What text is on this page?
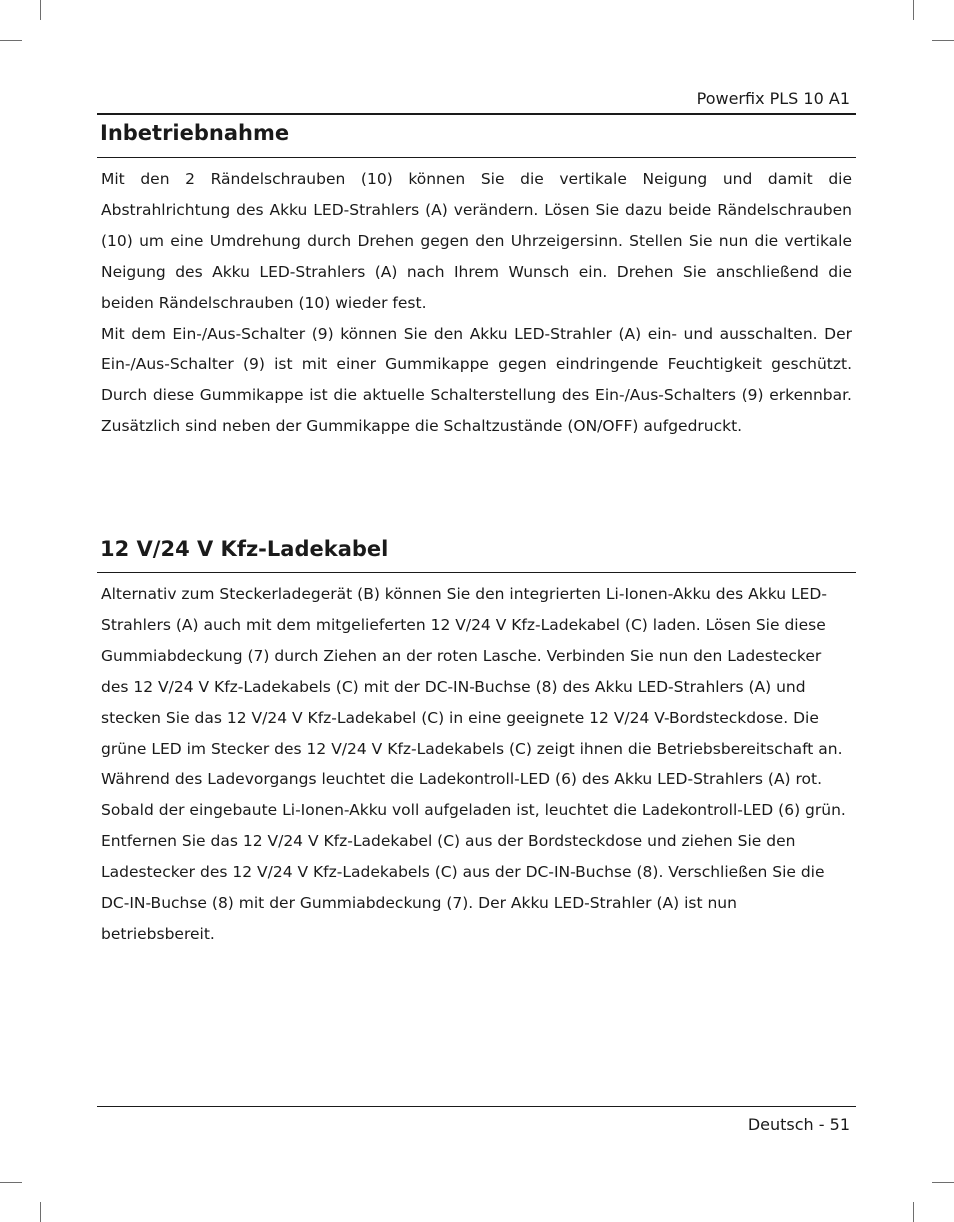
Powerfix PLS 10 A1
Inbetriebnahme

Mit den 2 Rändelschrauben (10) können Sie die vertikale Neigung und damit die Abstrahlrichtung des Akku LED-Strahlers (A) verändern. Lösen Sie dazu beide Rändelschrauben (10) um eine Umdrehung durch Drehen gegen den Uhrzeigersinn. Stellen Sie nun die vertikale Neigung des Akku LED-Strahlers (A) nach Ihrem Wunsch ein. Drehen Sie anschließend die beiden Rändelschrauben (10) wieder fest.

Mit dem Ein-/Aus-Schalter (9) können Sie den Akku LED-Strahler (A) ein- und ausschalten. Der Ein-/Aus-Schalter (9) ist mit einer Gummikappe gegen eindringende Feuchtigkeit geschützt. Durch diese Gummikappe ist die aktuelle Schalterstellung des Ein-/Aus-Schalters (9) erkennbar. Zusätzlich sind neben der Gummikappe die Schaltzustände (ON/OFF) aufgedruckt.

12 V/24 V Kfz-Ladekabel

Alternativ zum Steckerladegerät (B) können Sie den integrierten Li-Ionen-Akku des Akku LED-Strahlers (A) auch mit dem mitgelieferten 12 V/24 V Kfz-Ladekabel (C) laden. Lösen Sie diese Gummiabdeckung (7) durch Ziehen an der roten Lasche. Verbinden Sie nun den Ladestecker des 12 V/24 V Kfz-Ladekabels (C) mit der DC-IN-Buchse (8) des Akku LED-Strahlers (A) und stecken Sie das 12 V/24 V Kfz-Ladekabel (C) in eine geeignete 12 V/24 V-Bordsteckdose. Die grüne LED im Stecker des 12 V/24 V Kfz-Ladekabels (C) zeigt ihnen die Betriebsbereitschaft an. Während des Ladevorgangs leuchtet die Ladekontroll-LED (6) des Akku LED-Strahlers (A) rot. Sobald der eingebaute Li-Ionen-Akku voll aufgeladen ist, leuchtet die Ladekontroll-LED (6) grün. Entfernen Sie das 12 V/24 V Kfz-Ladekabel (C) aus der Bordsteckdose und ziehen Sie den Ladestecker des 12 V/24 V Kfz-Ladekabels (C) aus der DC-IN-Buchse (8). Verschließen Sie die DC-IN-Buchse (8) mit der Gummiabdeckung (7). Der Akku LED-Strahler (A) ist nun betriebsbereit.

Deutsch - 51
